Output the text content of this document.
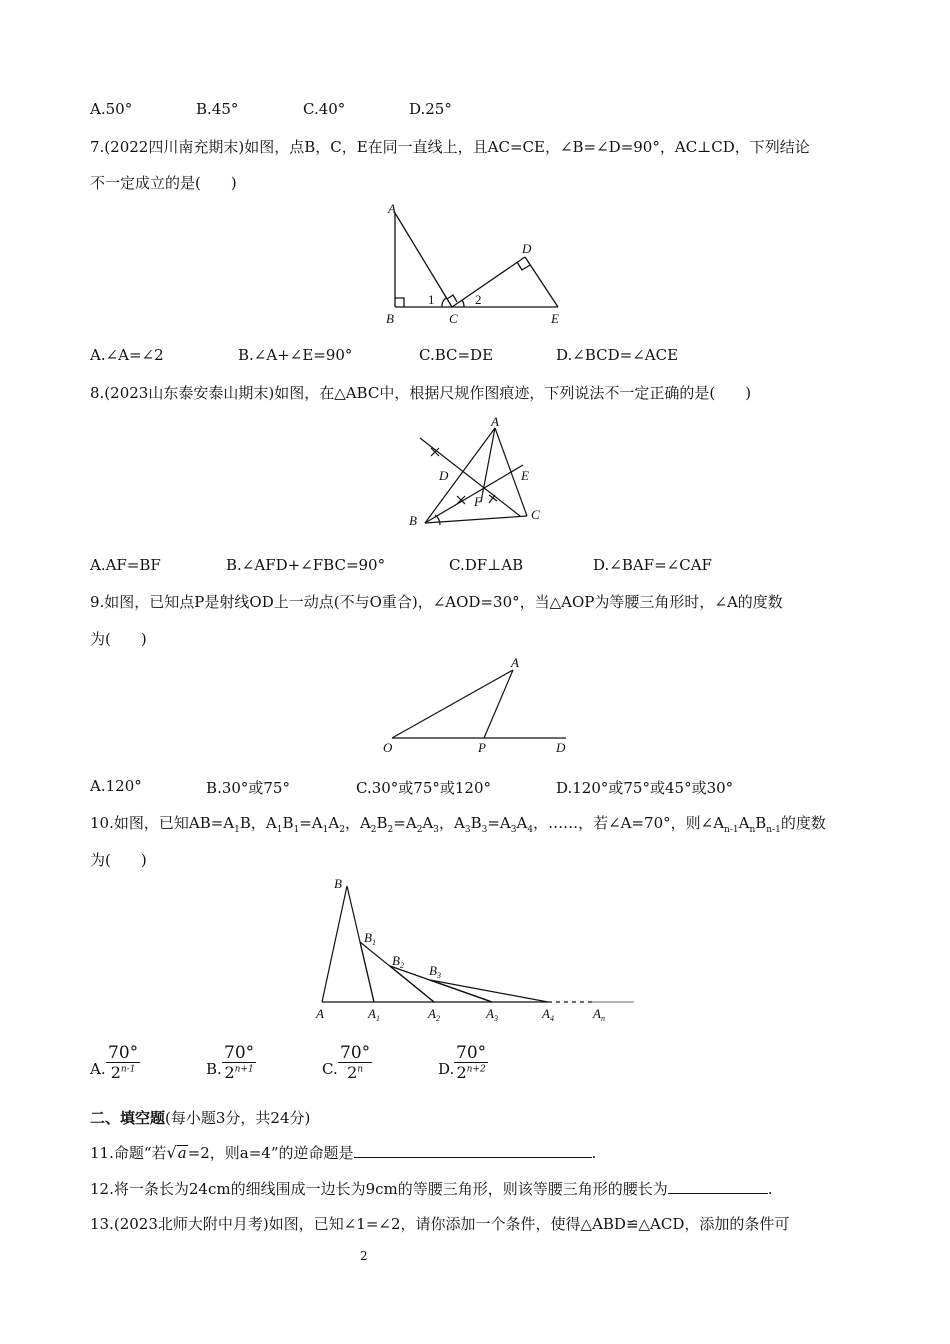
A.50°	B.45°	C.40°	D.25°
7.(2022四川南充期末)如图，点B，C，E在同一直线上，且AC=CE，∠B=∠D=90°，AC⊥CD，下列结论
不一定成立的是(　　)
A
B	C
D
E
1	2
A.∠A=∠2	B.∠A+∠E=90°	C.BC=DE	D.∠BCD=∠ACE
8.(2023山东泰安泰山期末)如图，在△ABC中，根据尺规作图痕迹，下列说法不一定正确的是(　　)
A
B	C
D	E
F
A.AF=BF	B.∠AFD+∠FBC=90°	C.DF⊥AB	D.∠BAF=∠CAF
9.如图，已知点P是射线OD上一动点(不与O重合)，∠AOD=30°，当△AOP为等腰三角形时，∠A的度数
为(　　)
A
O	P	D
A.120°	B.30°或75°	C.30°或75°或120°	D.120°或75°或45°或30°
10.如图，已知$AB=A_1B$，$A_1B_1=A_1A_2$，$A_2B_2=A_2A_3$，$A_3B_3=A_3A_4$，……，若∠A=70°，则$\angle A_{n-1}A_nB_{n-1}$的度数
为(　　)
B
$B_1$
$B_2$ $B_3$
A	$A_1$	$A_2$	$A_3$	$A_4$	$A_n$
A. $\frac{70^\circ}{2^{n-1}}$	B. $\frac{70^\circ}{2^{n+1}}$	C. $\frac{70^\circ}{2^n}$	D. $\frac{70^\circ}{2^{n+2}}$
二、填空题(每小题3分，共24分)
11.命题“若√a=2，则a=4”的逆命题是	.
12.将一条长为24cm的细线围成一边长为9cm的等腰三角形，则该等腰三角形的腰长为	.
13.(2023北师大附中月考)如图，已知∠1=∠2，请你添加一个条件，使得△ABD≌△ACD，添加的条件可
2
